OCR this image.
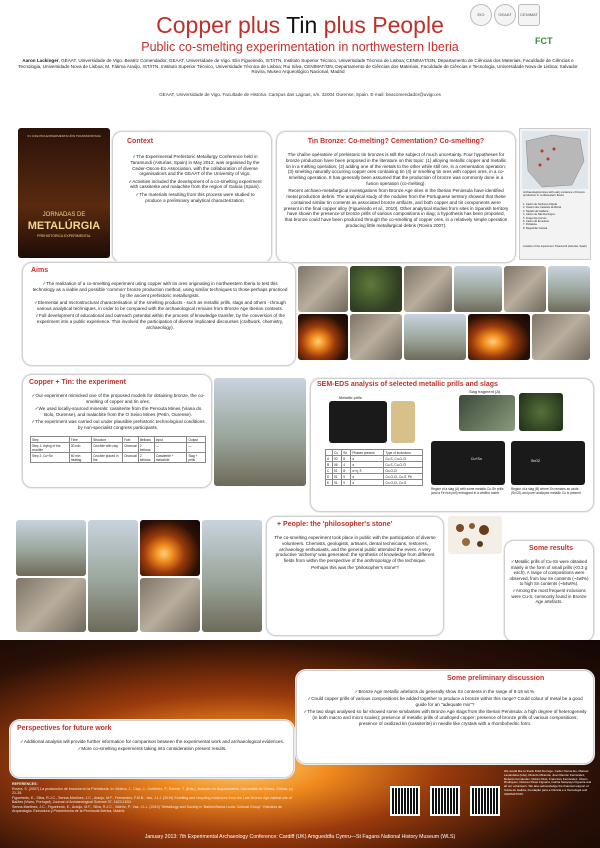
Copper plus Tin plus People
Public co-smelting experimentation in northwestern Iberia
EIO	GEAAT	CENIMAT
FCT
Aaron Lackinger, GEAAT, Universidade de Vigo. Beatriz Comendador, GEAAT, Universidade de Vigo. Elin Figueiredo, IST/ITN, Instituto Superior Técnico, Universidade Técnica de Lisboa; CENIMAT/I3N, Departamento de Ciências dos Materiais, Faculdade de Ciências e Tecnologia, Universidade Nova de Lisboa; M. Fátima Araújo, IST/ITN, Instituto Superior Técnico, Universidade Técnica de Lisboa; Rui Silva, CENIMAT/I3N, Departamento de Ciências dos Materiais, Faculdade de Ciências e Tecnologia, Universidade Nova de Lisboa; Salvador Rovira, Museo Arqueológico Nacional, Madrid
GEAAT, Universidade de Vigo. Facultade de Historia. Campus das Lagoas, s/n. 32004 Ourense, Spain. E-mail: beacomendador@uvigo.es
X1 CIFE PRA EXPERIMENTACIÓN TRANSMONTANA
JORNADAS DE
METALÚRGIA
PREHISTORICA EXPERIMENTAL
Context

✓The Experimental Prehistoric Metallurgy Conference held in Taramundi (Asturias, Spain) in May 2012, was organised by the Ceder-Oscos-Eo Association, with the collaboration of diverse organisations and the GEAAT of the University of Vigo.

✓Activities included the development of a co-smelting experiment with cassiterite and malachite from the region of Galicia (Spain).

✓The materials resulting from this process were studied to produce a preliminary analytical characterization.

Tin Bronze: Co-melting? Cementation? Co-smelting?

The chaîne opératoire of prehistoric tin bronzes is still the subject of much uncertainty. Four hypotheses for bronze production have been proposed in the literature on this topic: (1) alloying metallic copper and metallic tin in a melting operation; (2) adding one of the metals to the other while still ore, in a cementation operation; (3) smelting naturally occurring copper ores containing tin (4) or smelting tin ores with copper ores, in a co-smelting operation. It has generally been assumed that the production of bronze was commonly done in a fusion operation (co-melting).

Recent archaeo-metallurgical investigations from Bronze Age sites in the Iberian Peninsula have identified metal production debris. The analytical study of the nodules from the Portuguese territory showed that these contained similar tin contents as associated bronze artifacts, and both copper and tin components were present in the final copper alloy (Figueiredo et al., 2010). Other analytical studies from sites in Spanish territory have shown the presence of bronze prills of various compositions in slag; a hypothesis has been proposed, that bronze could have been produced through the co-smelting of copper ores, in a relatively simple operation producing little metallurgical debris (Rovira 2007).

Archaeological sites with early evidence of bronze production in northwestern Iberia
1. Castro de Senhora d'Ajuda
2. Outeiro dos Castelos de Beiral
3. Tapado da Caldeira
4. Castro de São Domingos
5. Fraga dos Corvos
6. Castro de Ervedosa
7. Peñalosa
8. Regueirão Carreta
Location of the experiment: Taramundi (Asturias, Spain)
Aims

✓The realization of a co-smelting experiment using copper with tin ores originating in northwestern Iberia to test this technology as a viable and possible 'common' bronze production method, using similar techniques to those perhaps practiced by the ancient prehistoric metallurgists.

✓Elemental and microstructural characterisation of the smelting products - such as metallic prills, slags and others - through various analytical techniques, in order to be compared with the archaeological remains from Bronze Age Iberian contexts.

✓Full development of educational and outreach potential within the process of knowledge transfer, by the conversion of the experiment into a public experience. This involved the participation of diverse implicated discourses (craftwork, chemistry, archaeology).

Copper + Tin: the experiment

✓Our experiment mimicked one of the proposed models for obtaining bronze, the co-smelting of copper and tin ores.

✓We used locally-sourced minerals: cassiterite from the Penouta Mines (Viana do Bolo, Ourense), and malachite from the O Seixo Mines (Petín, Ourense).

✓The experiment was carried out under plausible prehistoric technological conditions by non-specialist congress participants.

Step	Time	Structure	Fuel	Bellows	Input	Output
Step 1: drying of the crucible	30 min	Crucible with clay	Charcoal	2 bellows	—	—
Step 2: Cu+Sn	60 min heating	Crucible placed in fire	Charcoal	2 bellows	Cassiterite + malachite	Slag + prills
SEM-EDS analysis of selected metallic prills and slags
Metallic prills
	Cu	Sn	Phases present	Type of inclusions
A	90	8	α	Cu-S, Cu-O-Cl
B	96	4	α	Cu-S, Cu-O-Cl
C	91	8	α+η, δ	Cu-O-Cl
D	91	9	α	Cu-O-Cl, Cu-S, Pb
E	91	9	α	Cu-O-Cl, Cu-S
Slag fragment (A)
Cu+Sn	SnO2
Region of a slag (A) with some metallic Cu-Sn prills (and a Fe rich prill) entrapped in a vitrified matrix
Region of a slag (B) where Sn remains as oxide (SnO2) and pure unalloyed metallic Cu is present
+ People: the 'philosopher's stone'

The co-smelting experiment took place in public with the participation of diverse volunteers. Chemists, geologists, artisans, dental technicians, restorers, archaeology enthusiasts, and the general public attended the event. A very productive 'alchemy' was generated: the synthesis of knowledge from different fields from within the perspective of the anthropology of the technique.

Perhaps this was the 'philosopher's stone'?

Some results

✓Metallic prills of Cu-Sn were obtained mainly in the form of small prills (<0.3 g each). A range of compositions were observed, from low Sn contents (~4wt%) to high Sn contents (~64wt%).

✓Among the most frequent inclusions were Cu-S, commonly found in Bronze Age artefacts.

Some preliminary discussion

✓Bronze Age metallic artefacts do generally show Sn contents in the range of 8-15 wt.%.

✓Could copper prills of various compositions be added together to produce a bronze within this range? Could colour of metal be a good guide for an "adequate mix"?

✓The two slags analysed so far showed some similarities with Bronze Age slags from the Iberian Peninsula: a high degree of heterogeneity (in both macro and micro scales); presence of metallic prills of unalloyed copper; presence of bronze prills of various compositions; presence of oxidized tin (cassiterite) in needle like crystals with a rhombohedric form.

Perspectives for future work

✓Additional analysis will provide further information for comparison between the experimental work and archaeological evidences.

✓More co-smelting experiments taking into consideration present results.

REFERENCES:
Rovira, S. (2007) La producción de bronces en la Prehistoria. In: Molera, J., Clop, J., Gutiérrez, P., Esteve, T. (Eds.), Avances en Arqueometría. Universitat de Girona, Girona, pp. 21-35.
Figueiredo, E., Silva, R.J.C., Senna-Martinez, J.C., Araújo, M.F., Fernandes, F.M.B., Vaz, J.L.I. (2010) Smelting and recycling evidences from the Late Bronze Age habitat site of Baiões (Viseu, Portugal). Journal of Archaeological Science 37, 1623-1634.
Senna-Martinez, J.C., Figueiredo, E., Araújo, M.F., Silva, R.J.C., Valério, P., Vaz, J.L.I. (2010) "Metallurgy and Society in 'Baiões/Santa Luzia' Cultural Group". Estudios de Arqueología: Estructura y Protohistoria de la Península Ibérica, Madrid.
We would like to thank Fidel Dorrego, Ceder Oscos-Eo, Manuel Lavandeira (Lda), Ricardo Miranda, Juan Ramón Fernández, Roberto Fernández, Rubén Díaz, Francisco Fernández, Álvaro Rodríguez, Dolores Rivas Figueira, Isolina Sampayo Figueira and all our volunteers. We also acknowledge the financial support of Xunta de Galicia, Fundação para a Ciência e a Tecnologia and CENIMAT/I3N.
January 2013: 7th Experimental Archaeology Conference: Cardiff (UK) Amgueddfa Cymru—St Fagans National History Museum (WLS)
